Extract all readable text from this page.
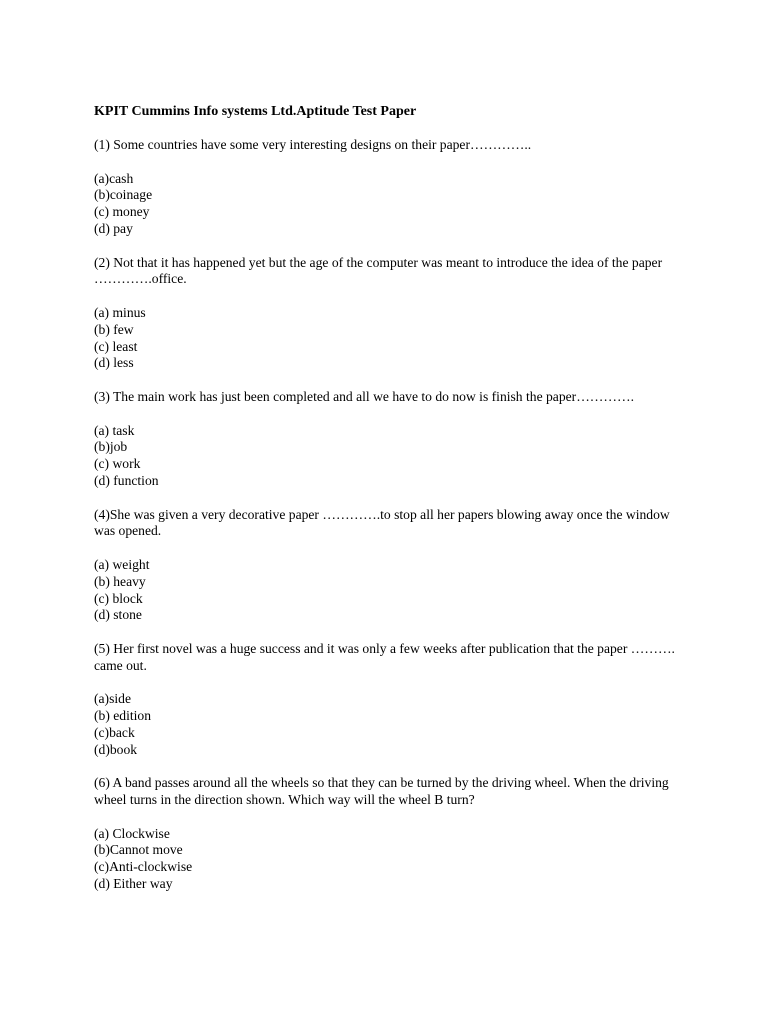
KPIT Cummins Info systems Ltd.Aptitude Test Paper
(1) Some countries have some very interesting designs on their paper…………..
(a)cash
(b)coinage
(c) money
(d) pay
(2) Not that it has happened yet but the age of the computer was meant to introduce the idea of the paper ………….office.
(a) minus
(b) few
(c) least
(d) less
(3) The main work has just been completed and all we have to do now is finish the paper………….
(a) task
(b)job
(c) work
(d) function
(4)She was given a very decorative paper ………….to stop all her papers blowing away once the window was opened.
(a) weight
(b) heavy
(c) block
(d) stone
(5) Her first novel was a huge success and it was only a few weeks after publication that the paper ………. came out.
(a)side
(b) edition
(c)back
(d)book
(6) A band passes around all the wheels so that they can be turned by the driving wheel. When the driving wheel turns in the direction shown. Which way will the wheel B turn?
(a) Clockwise
(b)Cannot move
(c)Anti-clockwise
(d) Either way
